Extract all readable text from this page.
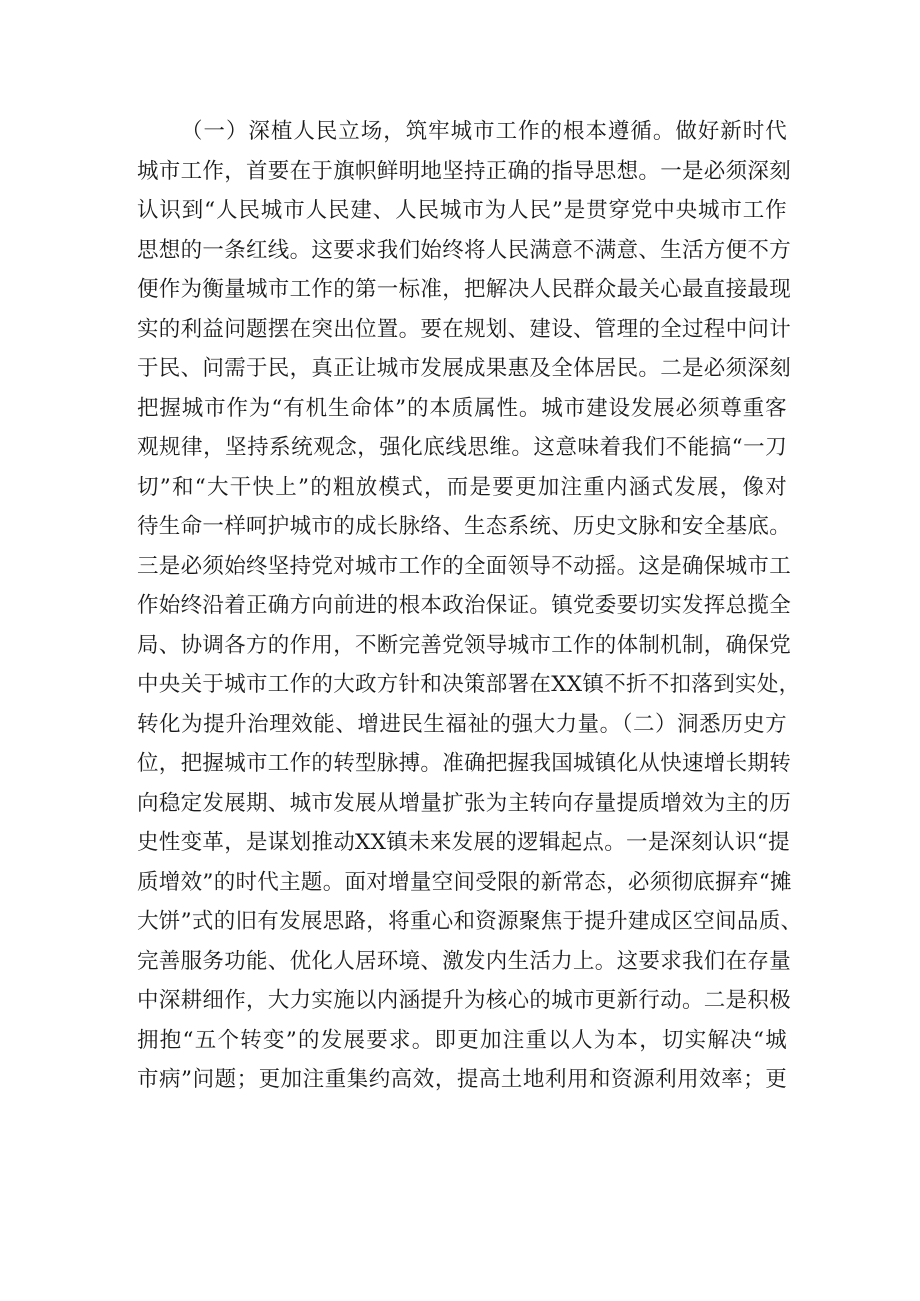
（一）深植人民立场，筑牢城市工作的根本遵循。做好新时代
城市工作，首要在于旗帜鲜明地坚持正确的指导思想。一是必须深刻
认识到“人民城市人民建、人民城市为人民”是贯穿党中央城市工作
思想的一条红线。这要求我们始终将人民满意不满意、生活方便不方
便作为衡量城市工作的第一标准，把解决人民群众最关心最直接最现
实的利益问题摆在突出位置。要在规划、建设、管理的全过程中问计
于民、问需于民，真正让城市发展成果惠及全体居民。二是必须深刻
把握城市作为“有机生命体”的本质属性。城市建设发展必须尊重客
观规律，坚持系统观念，强化底线思维。这意味着我们不能搞“一刀
切”和“大干快上”的粗放模式，而是要更加注重内涵式发展，像对
待生命一样呵护城市的成长脉络、生态系统、历史文脉和安全基底。
三是必须始终坚持党对城市工作的全面领导不动摇。这是确保城市工
作始终沿着正确方向前进的根本政治保证。镇党委要切实发挥总揽全
局、协调各方的作用，不断完善党领导城市工作的体制机制，确保党
中央关于城市工作的大政方针和决策部署在XX镇不折不扣落到实处，
转化为提升治理效能、增进民生福祉的强大力量。（二）洞悉历史方
位，把握城市工作的转型脉搏。准确把握我国城镇化从快速增长期转
向稳定发展期、城市发展从增量扩张为主转向存量提质增效为主的历
史性变革，是谋划推动XX镇未来发展的逻辑起点。一是深刻认识“提
质增效”的时代主题。面对增量空间受限的新常态，必须彻底摒弃“摊
大饼”式的旧有发展思路，将重心和资源聚焦于提升建成区空间品质、
完善服务功能、优化人居环境、激发内生活力上。这要求我们在存量
中深耕细作，大力实施以内涵提升为核心的城市更新行动。二是积极
拥抱“五个转变”的发展要求。即更加注重以人为本，切实解决“城
市病”问题；更加注重集约高效，提高土地利用和资源利用效率；更
